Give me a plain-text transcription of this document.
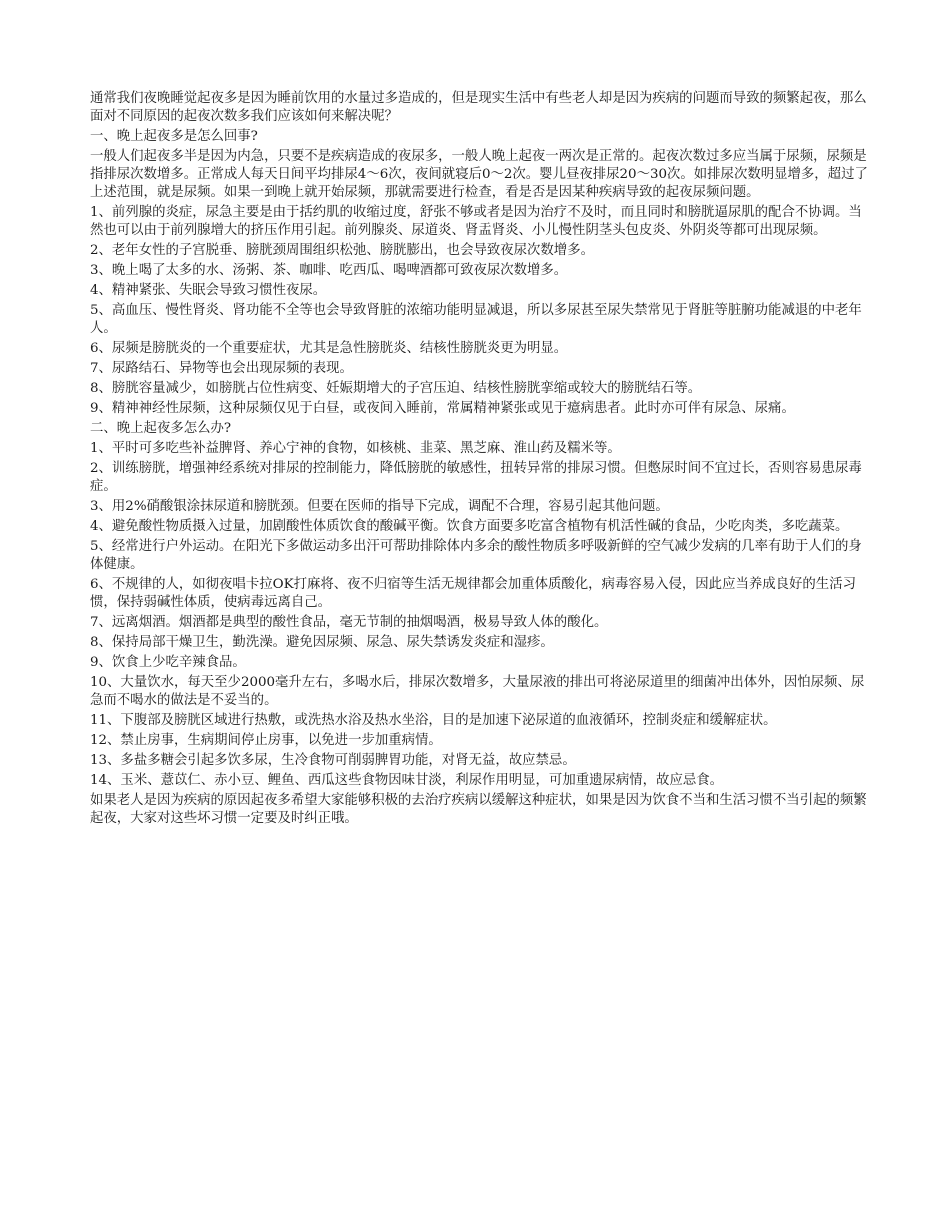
通常我们夜晚睡觉起夜多是因为睡前饮用的水量过多造成的，但是现实生活中有些老人却是因为疾病的问题而导致的频繁起夜，那么面对不同原因的起夜次数多我们应该如何来解决呢？

一、晚上起夜多是怎么回事?

一般人们起夜多半是因为内急，只要不是疾病造成的夜尿多，一般人晚上起夜一两次是正常的。起夜次数过多应当属于尿频，尿频是指排尿次数增多。正常成人每天日间平均排尿4～6次，夜间就寝后0～2次。婴儿昼夜排尿20～30次。如排尿次数明显增多，超过了上述范围，就是尿频。如果一到晚上就开始尿频，那就需要进行检查，看是否是因某种疾病导致的起夜尿频问题。

1、前列腺的炎症，尿急主要是由于括约肌的收缩过度，舒张不够或者是因为治疗不及时，而且同时和膀胱逼尿肌的配合不协调。当然也可以由于前列腺增大的挤压作用引起。前列腺炎、尿道炎、肾盂肾炎、小儿慢性阴茎头包皮炎、外阴炎等都可出现尿频。

2、老年女性的子宫脱垂、膀胱颈周围组织松弛、膀胱膨出，也会导致夜尿次数增多。

3、晚上喝了太多的水、汤粥、茶、咖啡、吃西瓜、喝啤酒都可致夜尿次数增多。

4、精神紧张、失眠会导致习惯性夜尿。

5、高血压、慢性肾炎、肾功能不全等也会导致肾脏的浓缩功能明显减退，所以多尿甚至尿失禁常见于肾脏等脏腑功能减退的中老年人。

6、尿频是膀胱炎的一个重要症状，尤其是急性膀胱炎、结核性膀胱炎更为明显。

7、尿路结石、异物等也会出现尿频的表现。

8、膀胱容量减少，如膀胱占位性病变、妊娠期增大的子宫压迫、结核性膀胱挛缩或较大的膀胱结石等。

9、精神神经性尿频，这种尿频仅见于白昼，或夜间入睡前，常属精神紧张或见于癔病患者。此时亦可伴有尿急、尿痛。

二、晚上起夜多怎么办?

1、平时可多吃些补益脾肾、养心宁神的食物，如核桃、韭菜、黑芝麻、淮山药及糯米等。

2、训练膀胱，增强神经系统对排尿的控制能力，降低膀胱的敏感性，扭转异常的排尿习惯。但憋尿时间不宜过长，否则容易患尿毒症。

3、用2%硝酸银涂抹尿道和膀胱颈。但要在医师的指导下完成，调配不合理，容易引起其他问题。

4、避免酸性物质摄入过量，加剧酸性体质饮食的酸碱平衡。饮食方面要多吃富含植物有机活性碱的食品，少吃肉类，多吃蔬菜。

5、经常进行户外运动。在阳光下多做运动多出汗可帮助排除体内多余的酸性物质多呼吸新鲜的空气减少发病的几率有助于人们的身体健康。

6、不规律的人，如彻夜唱卡拉OK打麻将、夜不归宿等生活无规律都会加重体质酸化，病毒容易入侵，因此应当养成良好的生活习惯，保持弱碱性体质，使病毒远离自己。

7、远离烟酒。烟酒都是典型的酸性食品，毫无节制的抽烟喝酒，极易导致人体的酸化。

8、保持局部干燥卫生，勤洗澡。避免因尿频、尿急、尿失禁诱发炎症和湿疹。

9、饮食上少吃辛辣食品。

10、大量饮水，每天至少2000毫升左右，多喝水后，排尿次数增多，大量尿液的排出可将泌尿道里的细菌冲出体外，因怕尿频、尿急而不喝水的做法是不妥当的。

11、下腹部及膀胱区域进行热敷，或洗热水浴及热水坐浴，目的是加速下泌尿道的血液循环，控制炎症和缓解症状。

12、禁止房事，生病期间停止房事，以免进一步加重病情。

13、多盐多糖会引起多饮多尿，生冷食物可削弱脾胃功能，对肾无益，故应禁忌。

14、玉米、薏苡仁、赤小豆、鲤鱼、西瓜这些食物因味甘淡，利尿作用明显，可加重遗尿病情，故应忌食。

如果老人是因为疾病的原因起夜多希望大家能够积极的去治疗疾病以缓解这种症状，如果是因为饮食不当和生活习惯不当引起的频繁起夜，大家对这些坏习惯一定要及时纠正哦。
